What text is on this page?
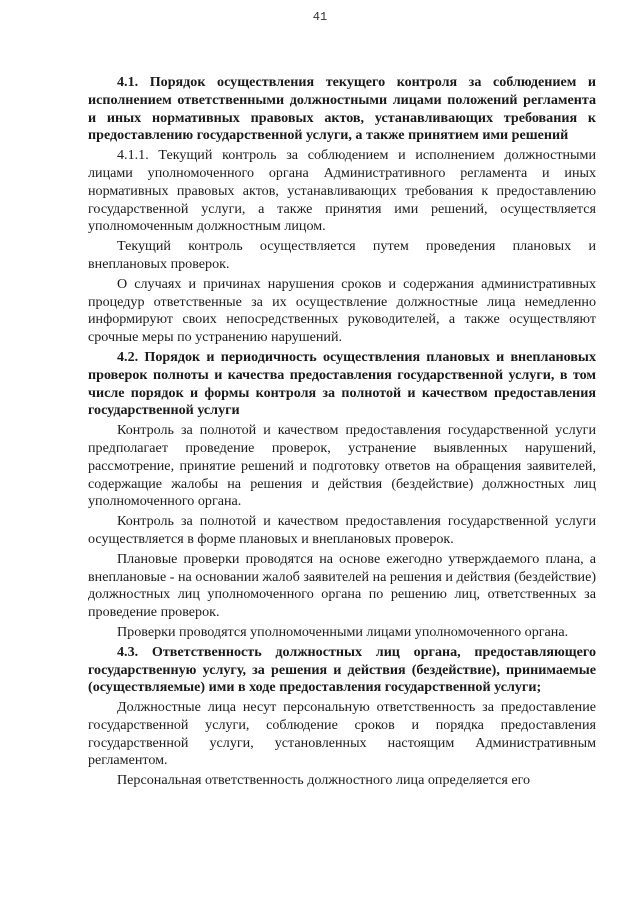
41

4.1. Порядок осуществления текущего контроля за соблюдением и исполнением ответственными должностными лицами положений регламента и иных нормативных правовых актов, устанавливающих требования к предоставлению государственной услуги, а также принятием ими решений

4.1.1. Текущий контроль за соблюдением и исполнением должностными лицами уполномоченного органа Административного регламента и иных нормативных правовых актов, устанавливающих требования к предоставлению государственной услуги, а также принятия ими решений, осуществляется уполномоченным должностным лицом.

Текущий контроль осуществляется путем проведения плановых и внеплановых проверок.

О случаях и причинах нарушения сроков и содержания административных процедур ответственные за их осуществление должностные лица немедленно информируют своих непосредственных руководителей, а также осуществляют срочные меры по устранению нарушений.

4.2. Порядок и периодичность осуществления плановых и внеплановых проверок полноты и качества предоставления государственной услуги, в том числе порядок и формы контроля за полнотой и качеством предоставления государственной услуги

Контроль за полнотой и качеством предоставления государственной услуги предполагает проведение проверок, устранение выявленных нарушений, рассмотрение, принятие решений и подготовку ответов на обращения заявителей, содержащие жалобы на решения и действия (бездействие) должностных лиц уполномоченного органа.

Контроль за полнотой и качеством предоставления государственной услуги осуществляется в форме плановых и внеплановых проверок.

Плановые проверки проводятся на основе ежегодно утверждаемого плана, а внеплановые - на основании жалоб заявителей на решения и действия (бездействие) должностных лиц уполномоченного органа по решению лиц, ответственных за проведение проверок.

Проверки проводятся уполномоченными лицами уполномоченного органа.

4.3. Ответственность должностных лиц органа, предоставляющего государственную услугу, за решения и действия (бездействие), принимаемые (осуществляемые) ими в ходе предоставления государственной услуги;

Должностные лица несут персональную ответственность за предоставление государственной услуги, соблюдение сроков и порядка предоставления государственной услуги, установленных настоящим Административным регламентом.

Персональная ответственность должностного лица определяется его
